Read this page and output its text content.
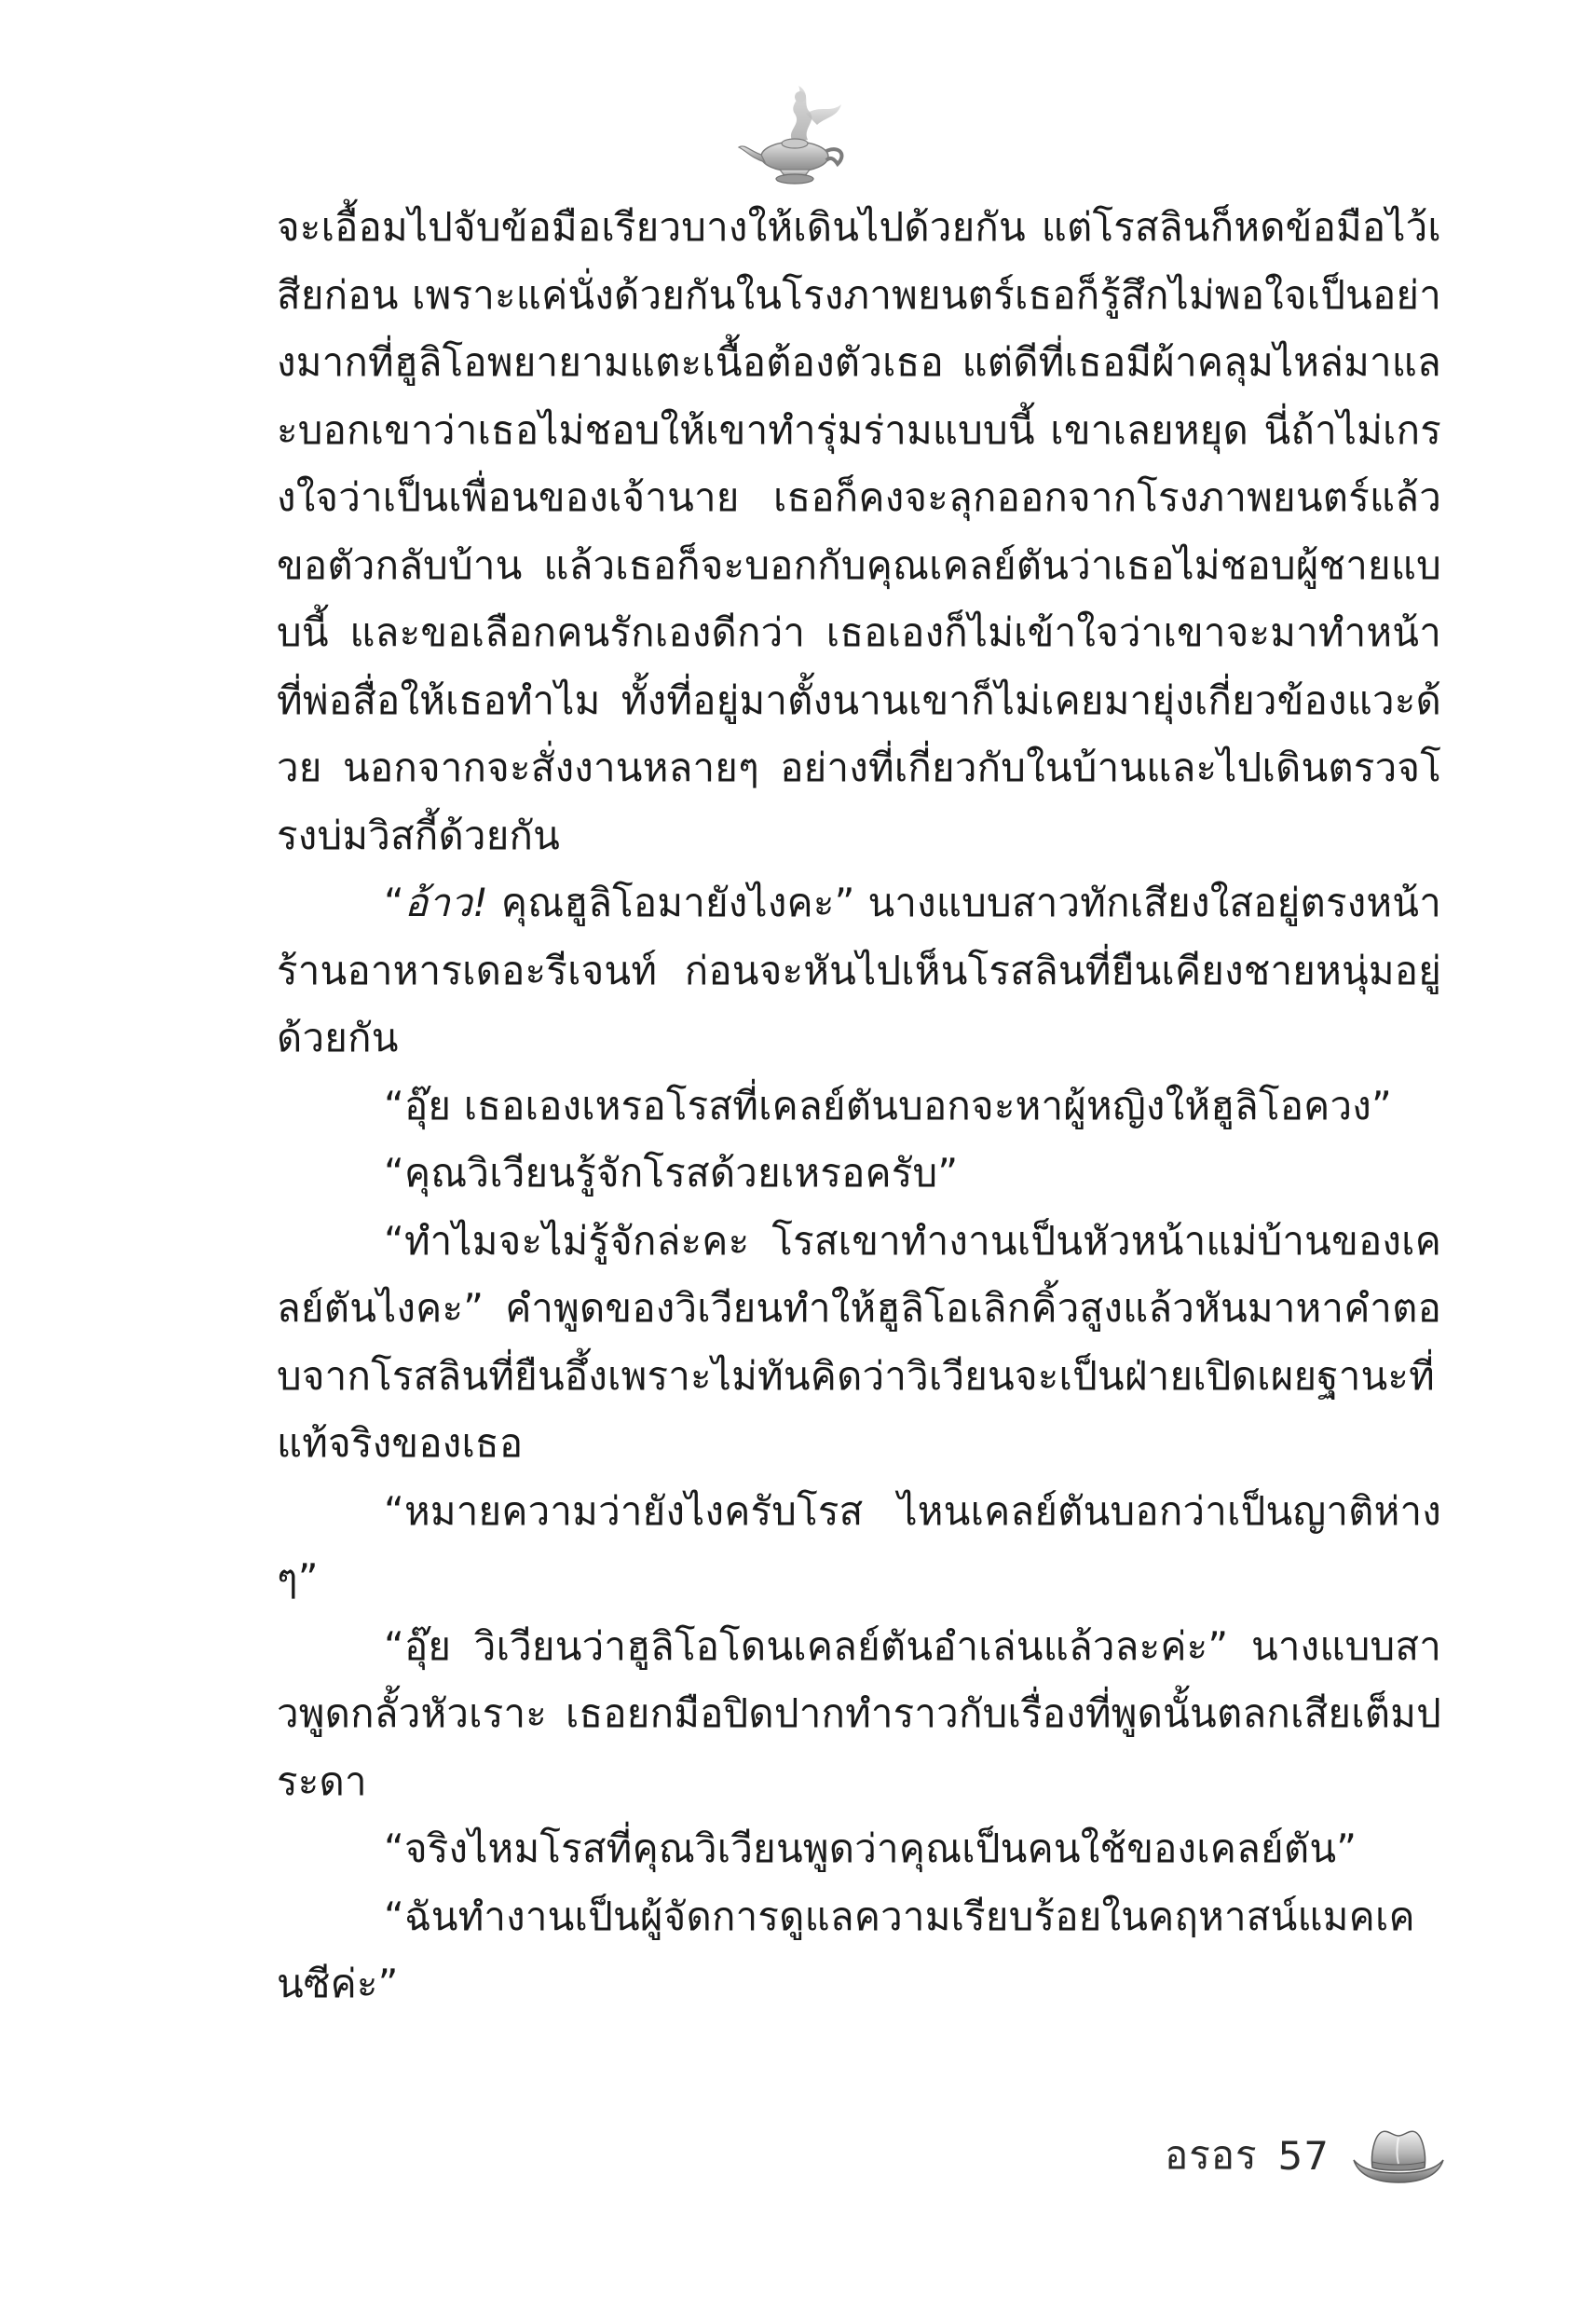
จะเอื้อมไปจับข้อมือเรียวบางให้เดินไปด้วยกัน แต่โรสลินก็หดข้อมือไว้เสียก่อน เพราะแค่นั่งด้วยกันในโรงภาพยนตร์เธอก็รู้สึกไม่พอใจเป็นอย่างมากที่ฮูลิโอพยายามแตะเนื้อต้องตัวเธอ แต่ดีที่เธอมีผ้าคลุมไหล่มาและบอกเขาว่าเธอไม่ชอบให้เขาทำรุ่มร่ามแบบนี้ เขาเลยหยุด นี่ถ้าไม่เกรงใจว่าเป็นเพื่อนของเจ้านาย เธอก็คงจะลุกออกจากโรงภาพยนตร์แล้วขอตัวกลับบ้าน แล้วเธอก็จะบอกกับคุณเคลย์ตันว่าเธอไม่ชอบผู้ชายแบบนี้ และขอเลือกคนรักเองดีกว่า เธอเองก็ไม่เข้าใจว่าเขาจะมาทำหน้าที่พ่อสื่อให้เธอทำไม ทั้งที่อยู่มาตั้งนานเขาก็ไม่เคยมายุ่งเกี่ยวข้องแวะด้วย นอกจากจะสั่งงานหลายๆ อย่างที่เกี่ยวกับในบ้านและไปเดินตรวจโรงบ่มวิสกี้ด้วยกัน

“อ้าว! คุณฮูลิโอมายังไงคะ” นางแบบสาวทักเสียงใสอยู่ตรงหน้าร้านอาหารเดอะรีเจนท์ ก่อนจะหันไปเห็นโรสลินที่ยืนเคียงชายหนุ่มอยู่ด้วยกัน

“อุ๊ย เธอเองเหรอโรสที่เคลย์ตันบอกจะหาผู้หญิงให้ฮูลิโอควง”

“คุณวิเวียนรู้จักโรสด้วยเหรอครับ”

“ทำไมจะไม่รู้จักล่ะคะ โรสเขาทำงานเป็นหัวหน้าแม่บ้านของเคลย์ตันไงคะ” คำพูดของวิเวียนทำให้ฮูลิโอเลิกคิ้วสูงแล้วหันมาหาคำตอบจากโรสลินที่ยืนอึ้งเพราะไม่ทันคิดว่าวิเวียนจะเป็นฝ่ายเปิดเผยฐานะที่แท้จริงของเธอ

“หมายความว่ายังไงครับโรส ไหนเคลย์ตันบอกว่าเป็นญาติห่างๆ”

“อุ๊ย วิเวียนว่าฮูลิโอโดนเคลย์ตันอำเล่นแล้วละค่ะ” นางแบบสาวพูดกลั้วหัวเราะ เธอยกมือปิดปากทำราวกับเรื่องที่พูดนั้นตลกเสียเต็มประดา

“จริงไหมโรสที่คุณวิเวียนพูดว่าคุณเป็นคนใช้ของเคลย์ตัน”

“ฉันทำงานเป็นผู้จัดการดูแลความเรียบร้อยในคฤหาสน์แมคเคนซีค่ะ”

อรอร 57
